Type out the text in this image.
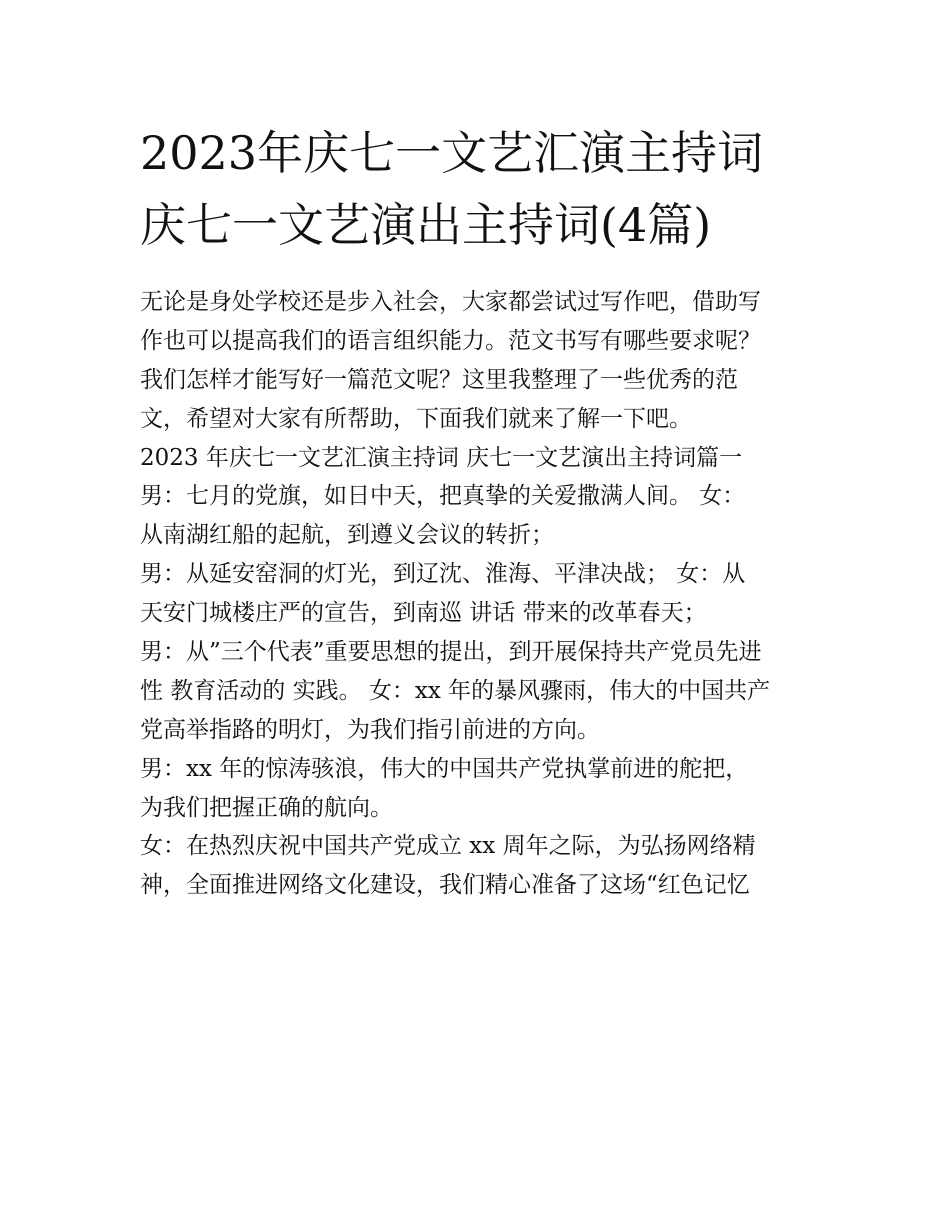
2023年庆七一文艺汇演主持词
庆七一文艺演出主持词(4篇)
无论是身处学校还是步入社会，大家都尝试过写作吧，借助写
作也可以提高我们的语言组织能力。范文书写有哪些要求呢？
我们怎样才能写好一篇范文呢？这里我整理了一些优秀的范
文，希望对大家有所帮助，下面我们就来了解一下吧。
2023 年庆七一文艺汇演主持词 庆七一文艺演出主持词篇一
男：七月的党旗，如日中天，把真挚的关爱撒满人间。 女：
从南湖红船的起航，到遵义会议的转折；
男：从延安窑洞的灯光，到辽沈、淮海、平津决战； 女：从
天安门城楼庄严的宣告，到南巡 讲话 带来的改革春天；
男：从”三个代表”重要思想的提出，到开展保持共产党员先进
性 教育活动的 实践。 女：xx 年的暴风骤雨，伟大的中国共产
党高举指路的明灯，为我们指引前进的方向。
男：xx 年的惊涛骇浪，伟大的中国共产党执掌前进的舵把，
为我们把握正确的航向。
女：在热烈庆祝中国共产党成立 xx 周年之际，为弘扬网络精
神，全面推进网络文化建设，我们精心准备了这场“红色记忆
